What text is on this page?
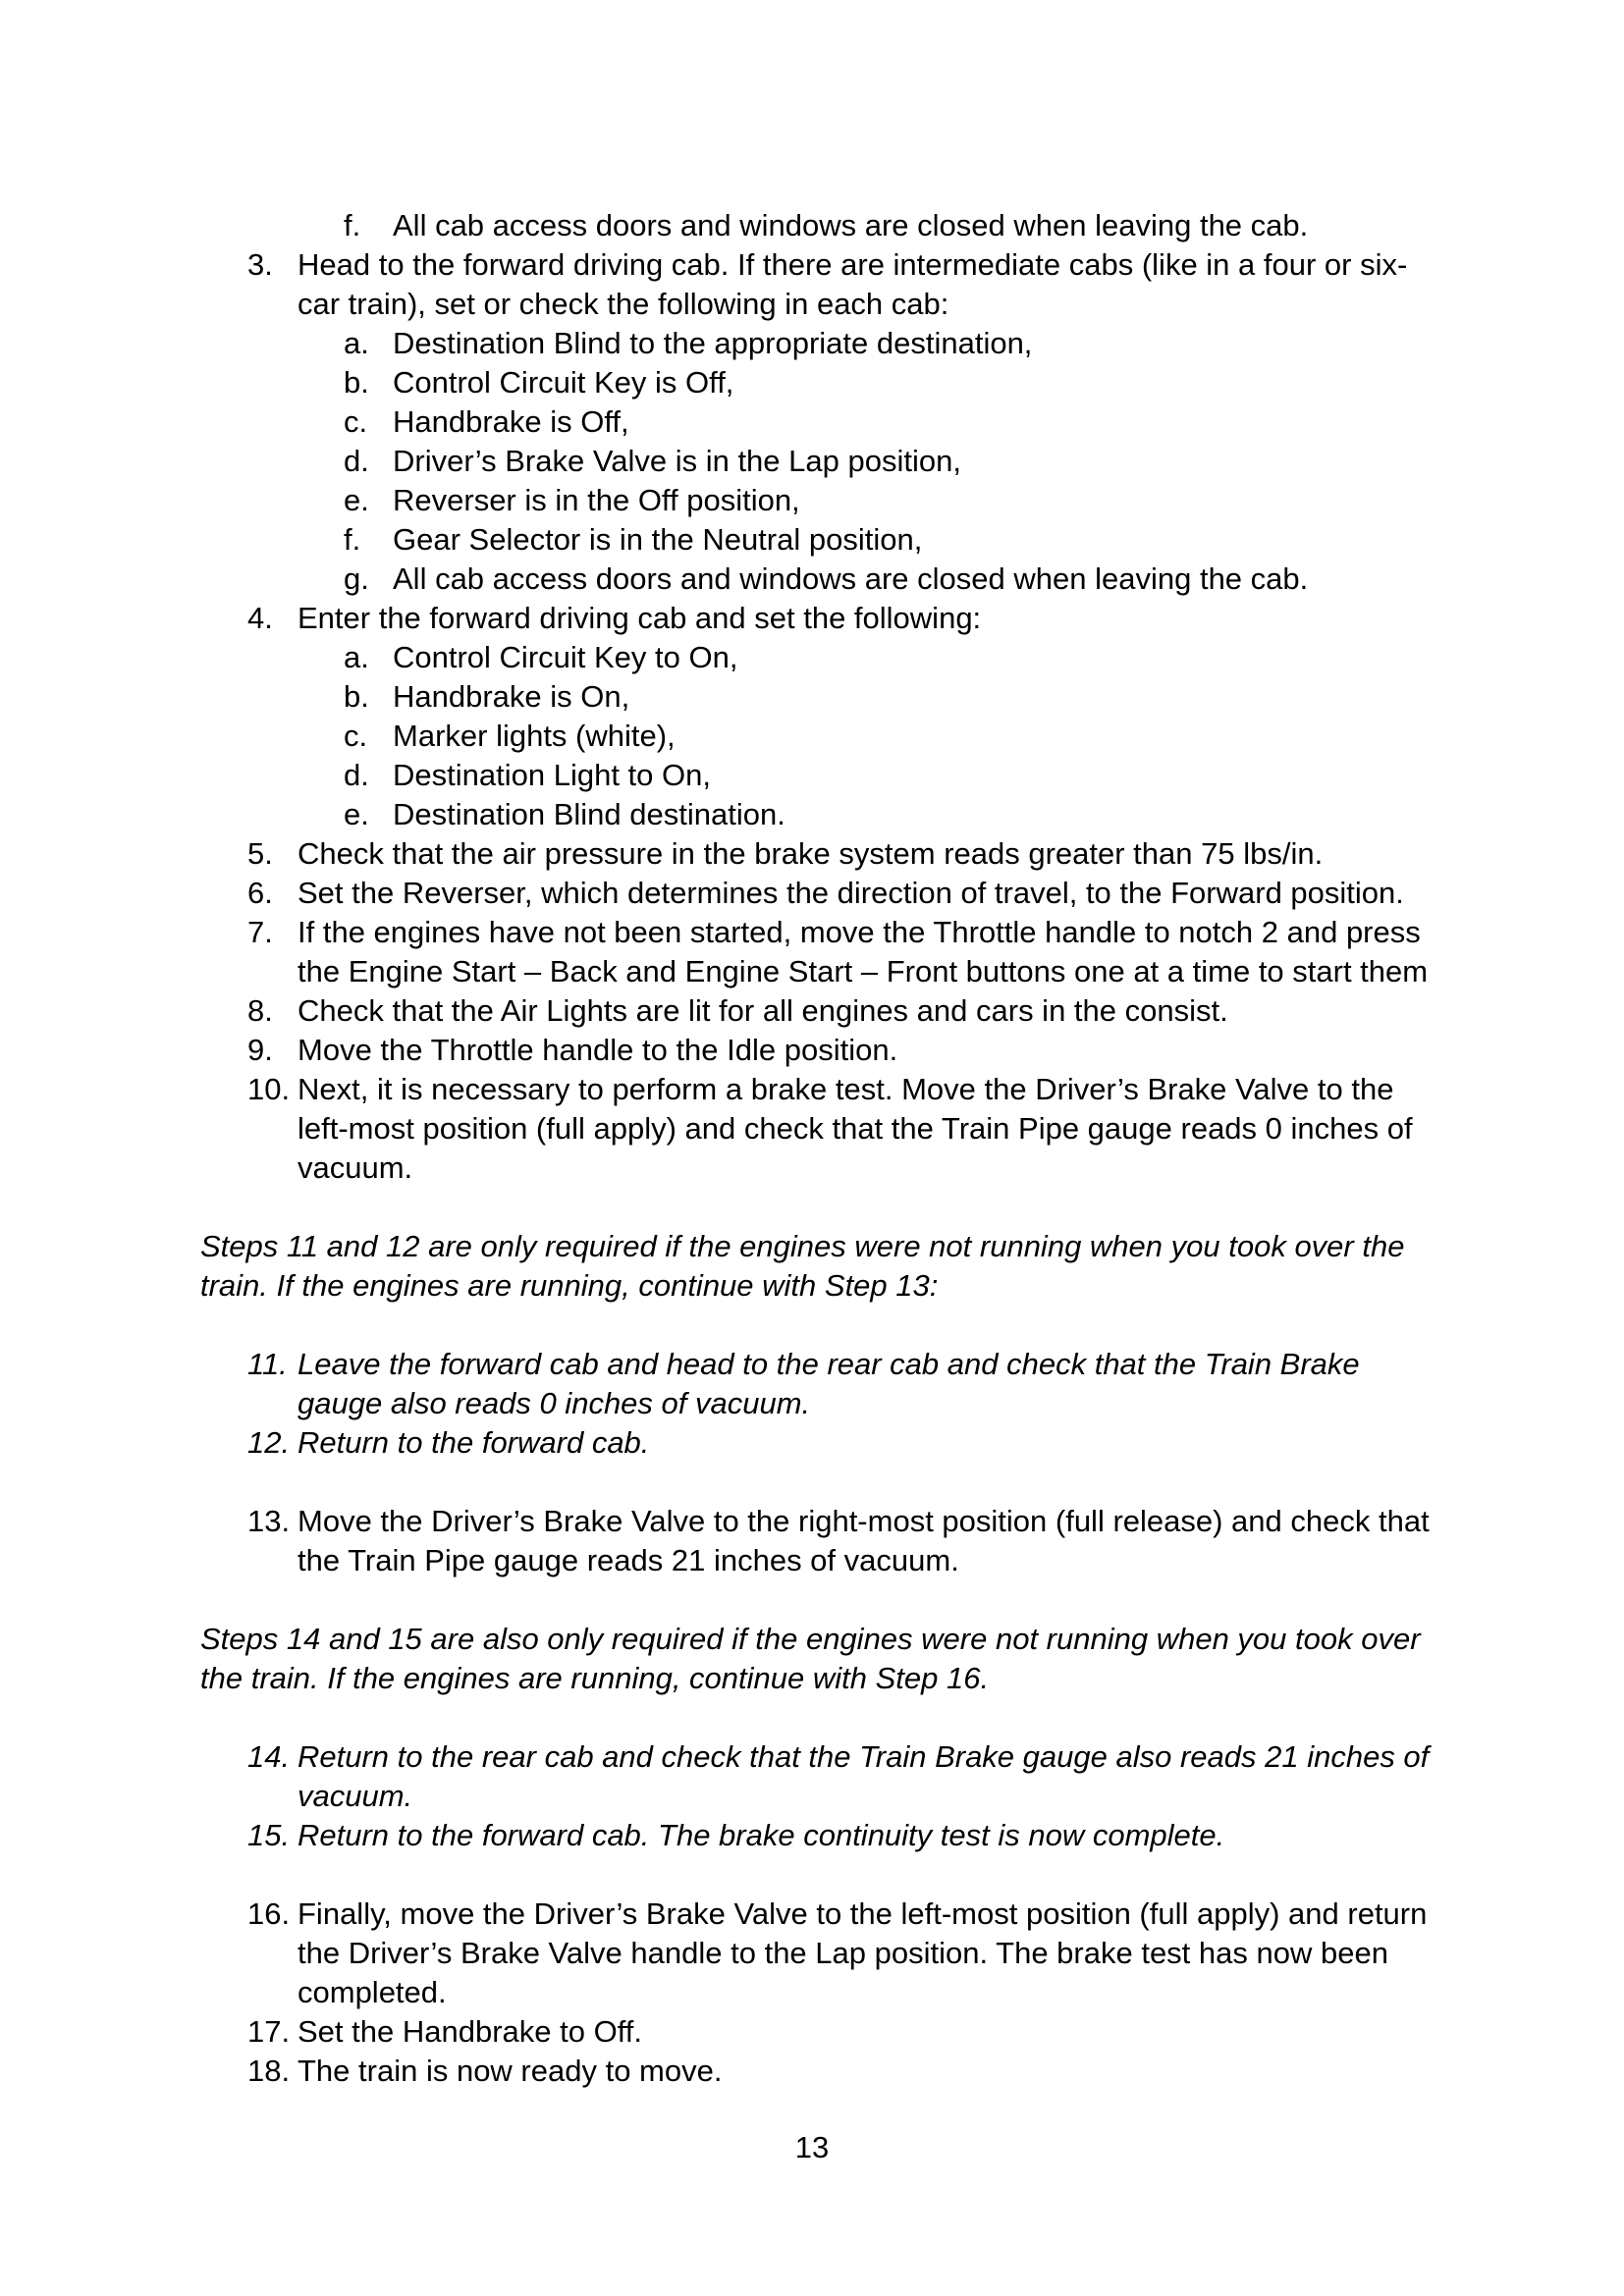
f. All cab access doors and windows are closed when leaving the cab.
3. Head to the forward driving cab. If there are intermediate cabs (like in a four or six-car train), set or check the following in each cab:
a. Destination Blind to the appropriate destination,
b. Control Circuit Key is Off,
c. Handbrake is Off,
d. Driver’s Brake Valve is in the Lap position,
e. Reverser is in the Off position,
f. Gear Selector is in the Neutral position,
g. All cab access doors and windows are closed when leaving the cab.
4. Enter the forward driving cab and set the following:
a. Control Circuit Key to On,
b. Handbrake is On,
c. Marker lights (white),
d. Destination Light to On,
e. Destination Blind destination.
5. Check that the air pressure in the brake system reads greater than 75 lbs/in.
6. Set the Reverser, which determines the direction of travel, to the Forward position.
7. If the engines have not been started, move the Throttle handle to notch 2 and press the Engine Start – Back and Engine Start – Front buttons one at a time to start them
8. Check that the Air Lights are lit for all engines and cars in the consist.
9. Move the Throttle handle to the Idle position.
10. Next, it is necessary to perform a brake test. Move the Driver’s Brake Valve to the left-most position (full apply) and check that the Train Pipe gauge reads 0 inches of vacuum.
Steps 11 and 12 are only required if the engines were not running when you took over the train. If the engines are running, continue with Step 13:
11. Leave the forward cab and head to the rear cab and check that the Train Brake gauge also reads 0 inches of vacuum.
12. Return to the forward cab.
13. Move the Driver’s Brake Valve to the right-most position (full release) and check that the Train Pipe gauge reads 21 inches of vacuum.
Steps 14 and 15 are also only required if the engines were not running when you took over the train. If the engines are running, continue with Step 16.
14. Return to the rear cab and check that the Train Brake gauge also reads 21 inches of vacuum.
15. Return to the forward cab. The brake continuity test is now complete.
16. Finally, move the Driver’s Brake Valve to the left-most position (full apply) and return the Driver’s Brake Valve handle to the Lap position. The brake test has now been completed.
17. Set the Handbrake to Off.
18. The train is now ready to move.
13
